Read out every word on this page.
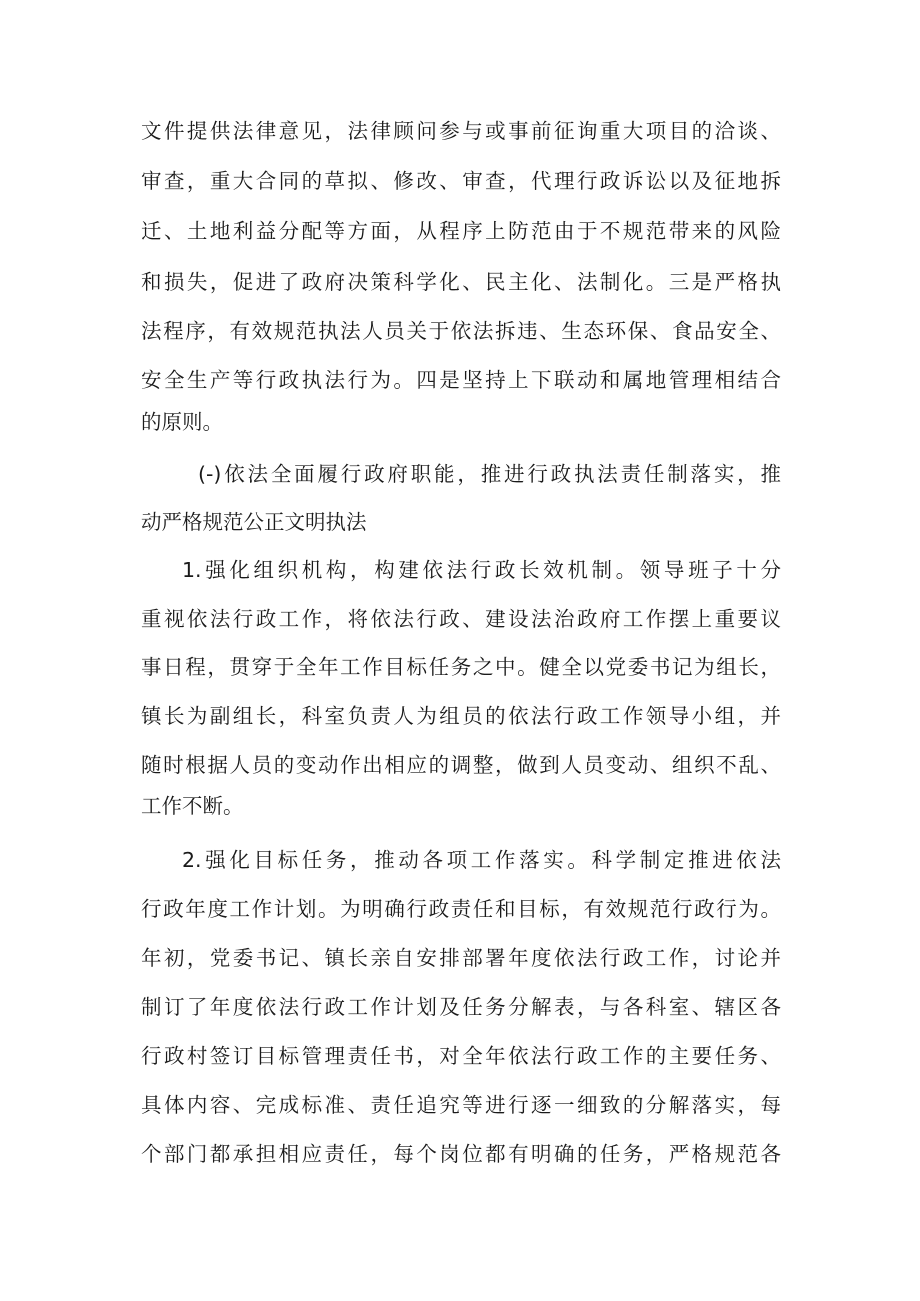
文件提供法律意见，法律顾问参与或事前征询重大项目的洽谈、

审查，重大合同的草拟、修改、审查，代理行政诉讼以及征地拆

迁、土地利益分配等方面，从程序上防范由于不规范带来的风险

和损失，促进了政府决策科学化、民主化、法制化。三是严格执

法程序，有效规范执法人员关于依法拆违、生态环保、食品安全、

安全生产等行政执法行为。四是坚持上下联动和属地管理相结合

的原则。

(-)依法全面履行政府职能，推进行政执法责任制落实，推

动严格规范公正文明执法

1.强化组织机构，构建依法行政长效机制。领导班子十分

重视依法行政工作，将依法行政、建设法治政府工作摆上重要议

事日程，贯穿于全年工作目标任务之中。健全以党委书记为组长，

镇长为副组长，科室负责人为组员的依法行政工作领导小组，并

随时根据人员的变动作出相应的调整，做到人员变动、组织不乱、

工作不断。

2.强化目标任务，推动各项工作落实。科学制定推进依法

行政年度工作计划。为明确行政责任和目标，有效规范行政行为。

年初，党委书记、镇长亲自安排部署年度依法行政工作，讨论并

制订了年度依法行政工作计划及任务分解表，与各科室、辖区各

行政村签订目标管理责任书，对全年依法行政工作的主要任务、

具体内容、完成标准、责任追究等进行逐一细致的分解落实，每

个部门都承担相应责任，每个岗位都有明确的任务，严格规范各
